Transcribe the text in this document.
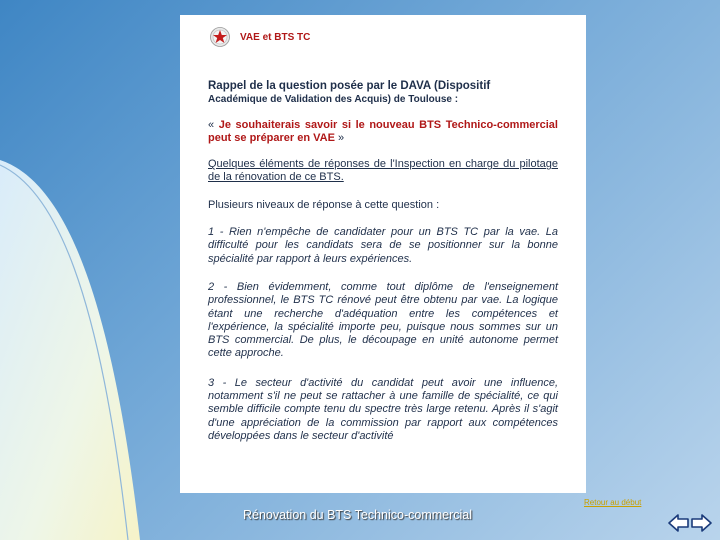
VAE et BTS TC
Rappel de la question posée par le DAVA (Dispositif
Académique de Validation des Acquis) de Toulouse :
« Je souhaiterais savoir si le nouveau BTS Technico-commercial peut se préparer en VAE »
Quelques éléments de réponses de l'Inspection en charge du pilotage de la rénovation de ce BTS.
Plusieurs niveaux de réponse à cette question :
1 - Rien n'empêche de candidater pour un BTS TC par la vae. La difficulté pour les candidats sera de se positionner sur la bonne spécialité par rapport à leurs expériences.
2 - Bien évidemment, comme tout diplôme de l'enseignement professionnel, le BTS TC rénové peut être obtenu par vae. La logique étant une recherche d'adéquation entre les compétences et l'expérience, la spécialité importe peu, puisque nous sommes sur un BTS commercial. De plus, le découpage en unité autonome permet cette approche.
3 - Le secteur d'activité du candidat peut avoir une influence, notamment s'il ne peut se rattacher à une famille de spécialité, ce qui semble difficile compte tenu du spectre très large retenu. Après il s'agit d'une appréciation de la commission par rapport aux compétences développées dans le secteur d'activité
Retour au début
Rénovation du BTS Technico-commercial
